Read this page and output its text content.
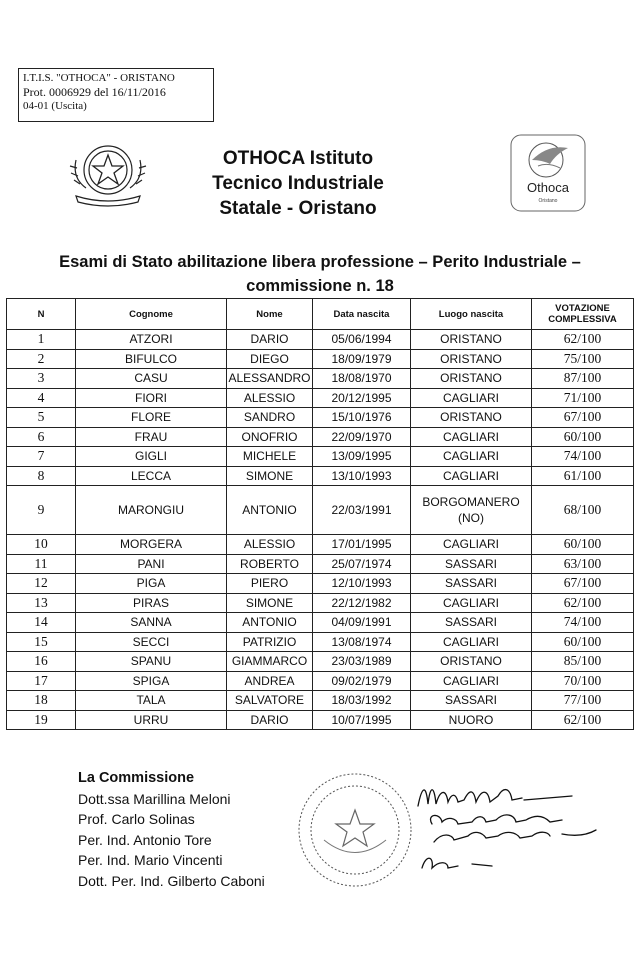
I.T.I.S. "OTHOCA" - ORISTANO
Prot. 0006929 del 16/11/2016
04-01 (Uscita)
OTHOCA Istituto
Tecnico Industriale
Statale - Oristano
Othoca
Oristano
Esami di Stato abilitazione libera professione – Perito Industriale –
commissione n. 18
N	Cognome	Nome	Data nascita	Luogo nascita	VOTAZIONE COMPLESSIVA
1	ATZORI	DARIO	05/06/1994	ORISTANO	62/100
2	BIFULCO	DIEGO	18/09/1979	ORISTANO	75/100
3	CASU	ALESSANDRO	18/08/1970	ORISTANO	87/100
4	FIORI	ALESSIO	20/12/1995	CAGLIARI	71/100
5	FLORE	SANDRO	15/10/1976	ORISTANO	67/100
6	FRAU	ONOFRIO	22/09/1970	CAGLIARI	60/100
7	GIGLI	MICHELE	13/09/1995	CAGLIARI	74/100
8	LECCA	SIMONE	13/10/1993	CAGLIARI	61/100
9	MARONGIU	ANTONIO	22/03/1991	BORGOMANERO (NO)	68/100
10	MORGERA	ALESSIO	17/01/1995	CAGLIARI	60/100
11	PANI	ROBERTO	25/07/1974	SASSARI	63/100
12	PIGA	PIERO	12/10/1993	SASSARI	67/100
13	PIRAS	SIMONE	22/12/1982	CAGLIARI	62/100
14	SANNA	ANTONIO	04/09/1991	SASSARI	74/100
15	SECCI	PATRIZIO	13/08/1974	CAGLIARI	60/100
16	SPANU	GIAMMARCO	23/03/1989	ORISTANO	85/100
17	SPIGA	ANDREA	09/02/1979	CAGLIARI	70/100
18	TALA	SALVATORE	18/03/1992	SASSARI	77/100
19	URRU	DARIO	10/07/1995	NUORO	62/100
La Commissione
Dott.ssa Marillina Meloni
Prof. Carlo Solinas
Per. Ind. Antonio Tore
Per. Ind. Mario Vincenti
Dott. Per. Ind. Gilberto Caboni
